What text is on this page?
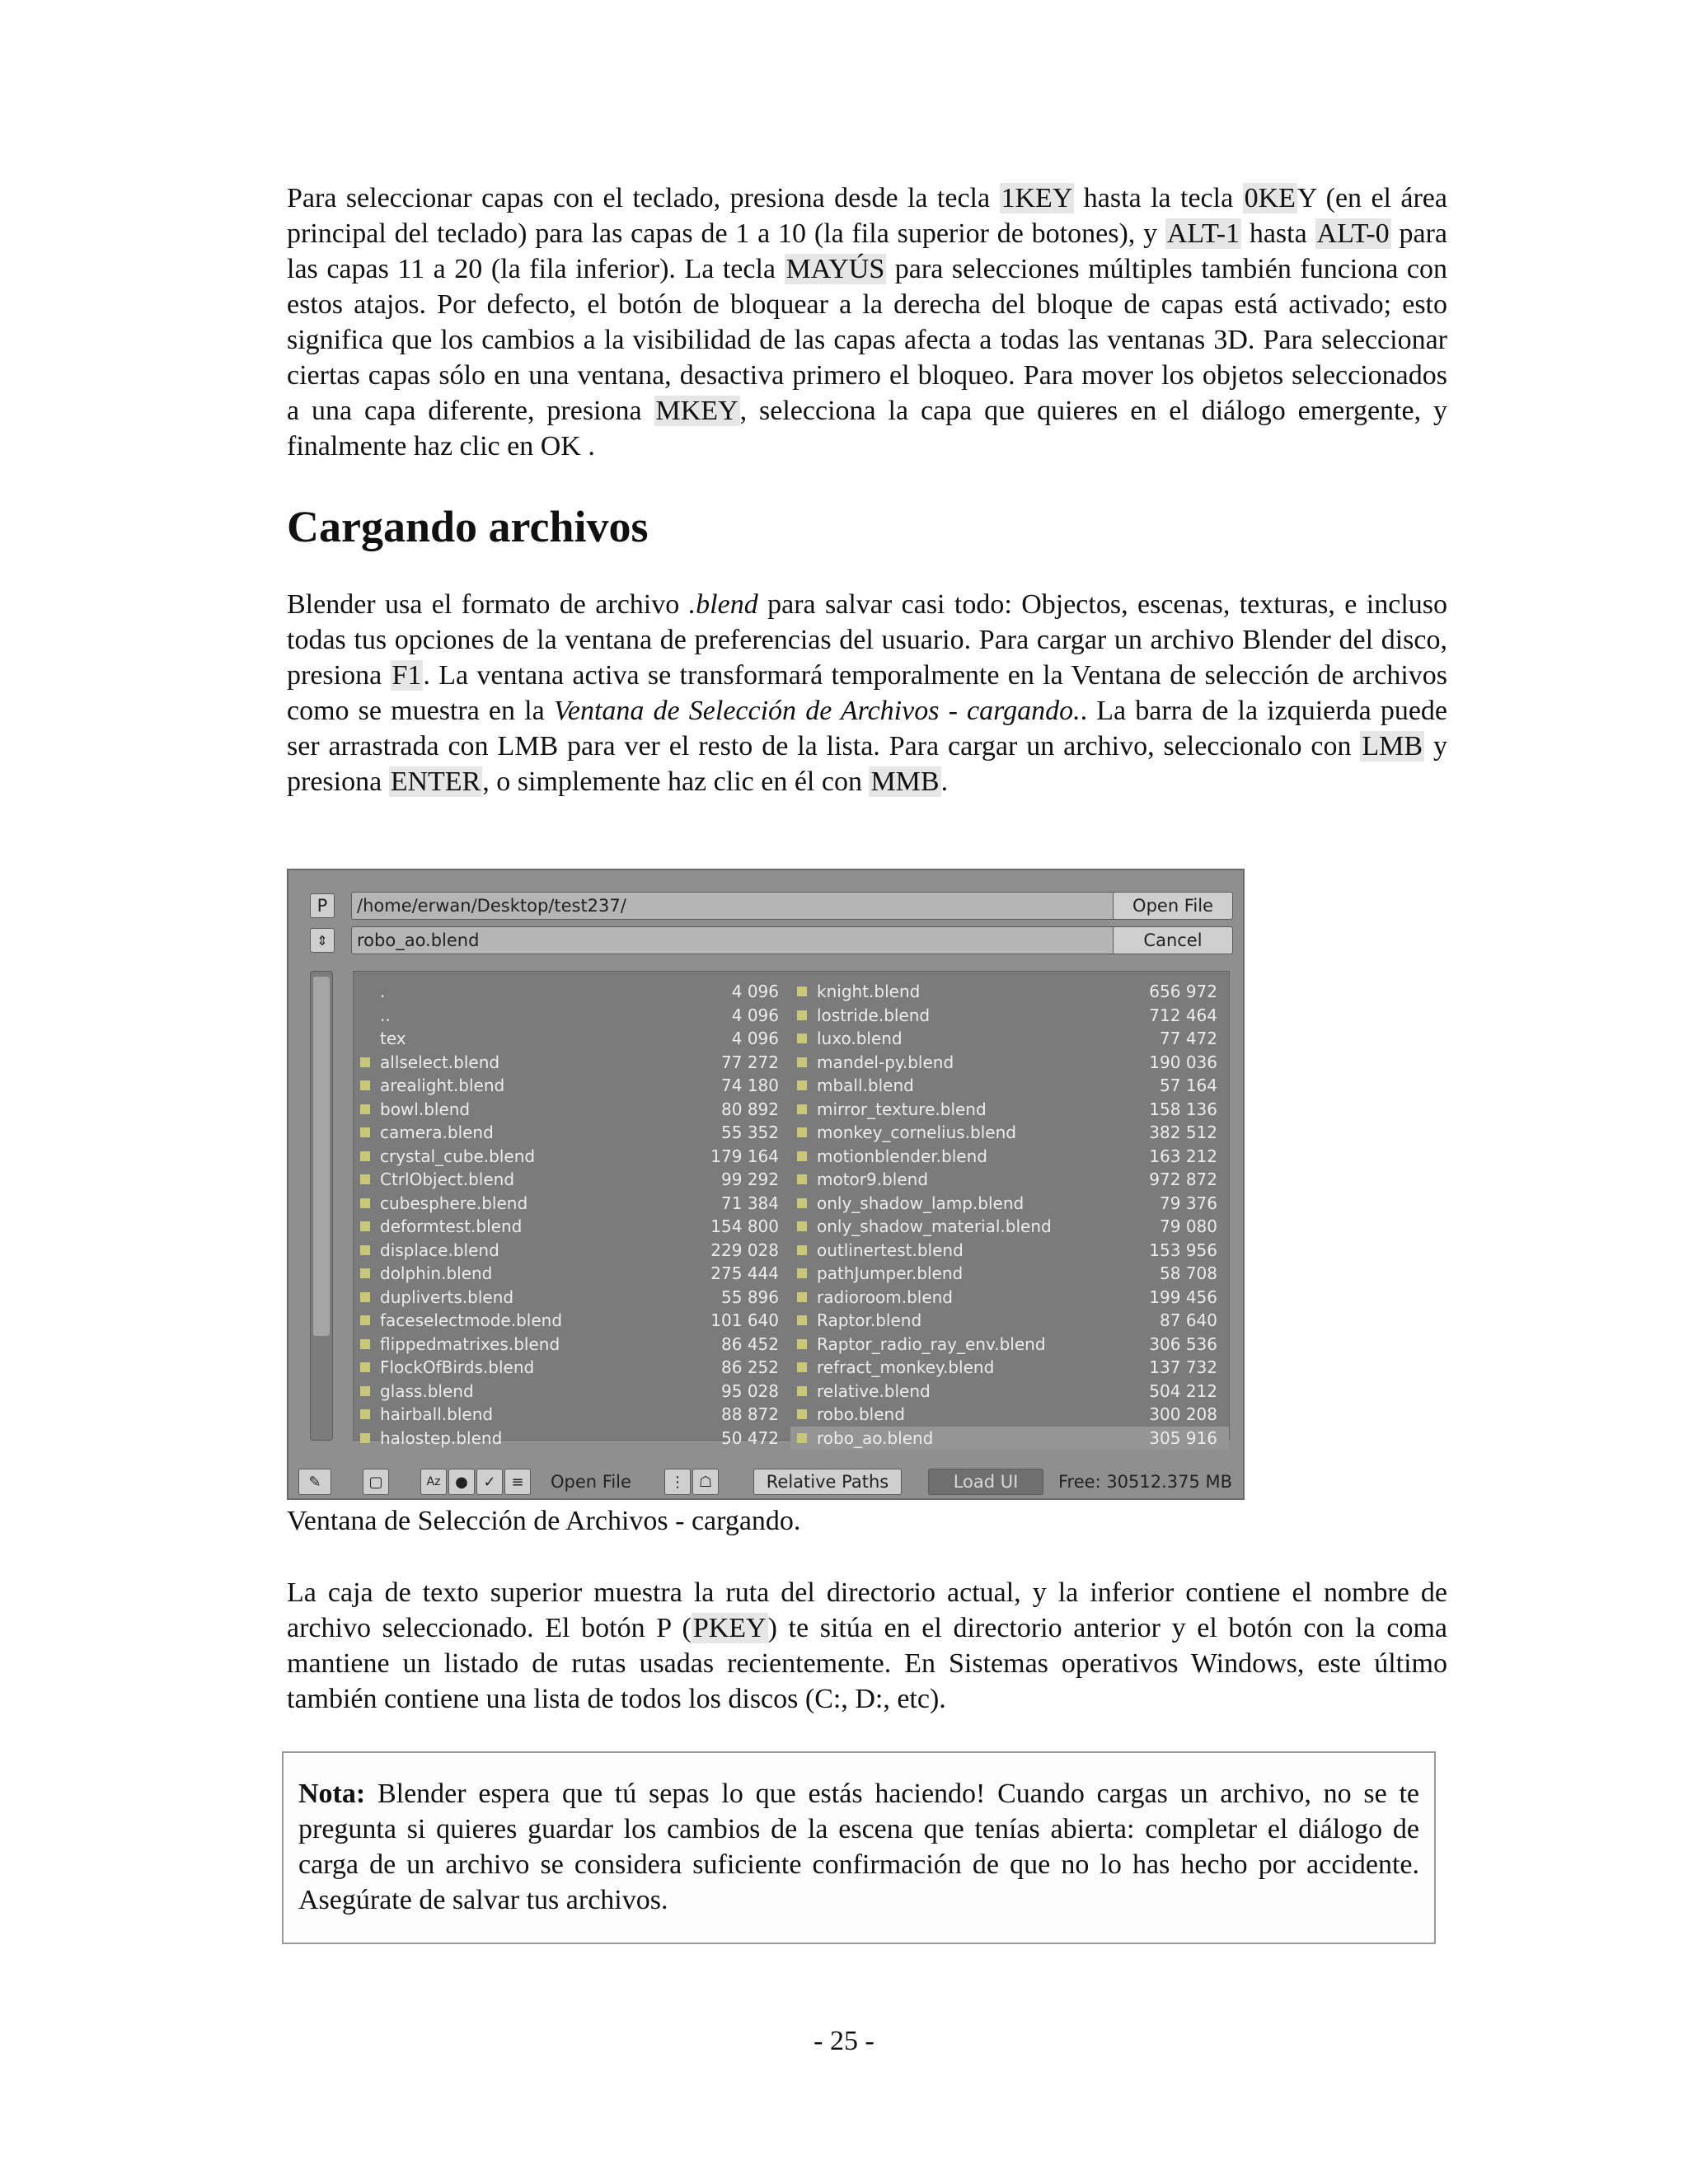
Para seleccionar capas con el teclado, presiona desde la tecla 1KEY hasta la tecla 0KEY (en el área principal del teclado) para las capas de 1 a 10 (la fila superior de botones), y ALT-1 hasta ALT-0 para las capas 11 a 20 (la fila inferior). La tecla MAYÚS para selecciones múltiples también funciona con estos atajos. Por defecto, el botón de bloquear a la derecha del bloque de capas está activado; esto significa que los cambios a la visibilidad de las capas afecta a todas las ventanas 3D. Para seleccionar ciertas capas sólo en una ventana, desactiva primero el bloqueo. Para mover los objetos seleccionados a una capa diferente, presiona MKEY, selecciona la capa que quieres en el diálogo emergente, y finalmente haz clic en OK .

Cargando archivos

Blender usa el formato de archivo .blend para salvar casi todo: Objectos, escenas, texturas, e incluso todas tus opciones de la ventana de preferencias del usuario. Para cargar un archivo Blender del disco, presiona F1. La ventana activa se transformará temporalmente en la Ventana de selección de archivos como se muestra en la Ventana de Selección de Archivos - cargando.. La barra de la izquierda puede ser arrastrada con LMB para ver el resto de la lista. Para cargar un archivo, seleccionalo con LMB y presiona ENTER, o simplemente haz clic en él con MMB.

P
⇕
/home/erwan/Desktop/test237/
robo_ao.blend
Open File
Cancel
.	4 096
..	4 096
tex	4 096
allselect.blend	77 272
arealight.blend	74 180
bowl.blend	80 892
camera.blend	55 352
crystal_cube.blend	179 164
CtrlObject.blend	99 292
cubesphere.blend	71 384
deformtest.blend	154 800
displace.blend	229 028
dolphin.blend	275 444
dupliverts.blend	55 896
faceselectmode.blend	101 640
flippedmatrixes.blend	86 452
FlockOfBirds.blend	86 252
glass.blend	95 028
hairball.blend	88 872
halostep.blend	50 472
knight.blend	656 972
lostride.blend	712 464
luxo.blend	77 472
mandel-py.blend	190 036
mball.blend	57 164
mirror_texture.blend	158 136
monkey_cornelius.blend	382 512
motionblender.blend	163 212
motor9.blend	972 872
only_shadow_lamp.blend	79 376
only_shadow_material.blend	79 080
outlinertest.blend	153 956
pathJumper.blend	58 708
radioroom.blend	199 456
Raptor.blend	87 640
Raptor_radio_ray_env.blend	306 536
refract_monkey.blend	137 732
relative.blend	504 212
robo.blend	300 208
robo_ao.blend	305 916
✎	▢	Az ●	✓	≡	Open File	⋮ ☖	Relative Paths	Load UI	Free: 30512.375 MB

Ventana de Selección de Archivos - cargando.

La caja de texto superior muestra la ruta del directorio actual, y la inferior contiene el nombre de archivo seleccionado. El botón P (PKEY) te sitúa en el directorio anterior y el botón con la coma mantiene un listado de rutas usadas recientemente. En Sistemas operativos Windows, este último también contiene una lista de todos los discos (C:, D:, etc).

Nota: Blender espera que tú sepas lo que estás haciendo! Cuando cargas un archivo, no se te pregunta si quieres guardar los cambios de la escena que tenías abierta: completar el diálogo de carga de un archivo se considera suficiente confirmación de que no lo has hecho por accidente. Asegúrate de salvar tus archivos.

- 25 -
